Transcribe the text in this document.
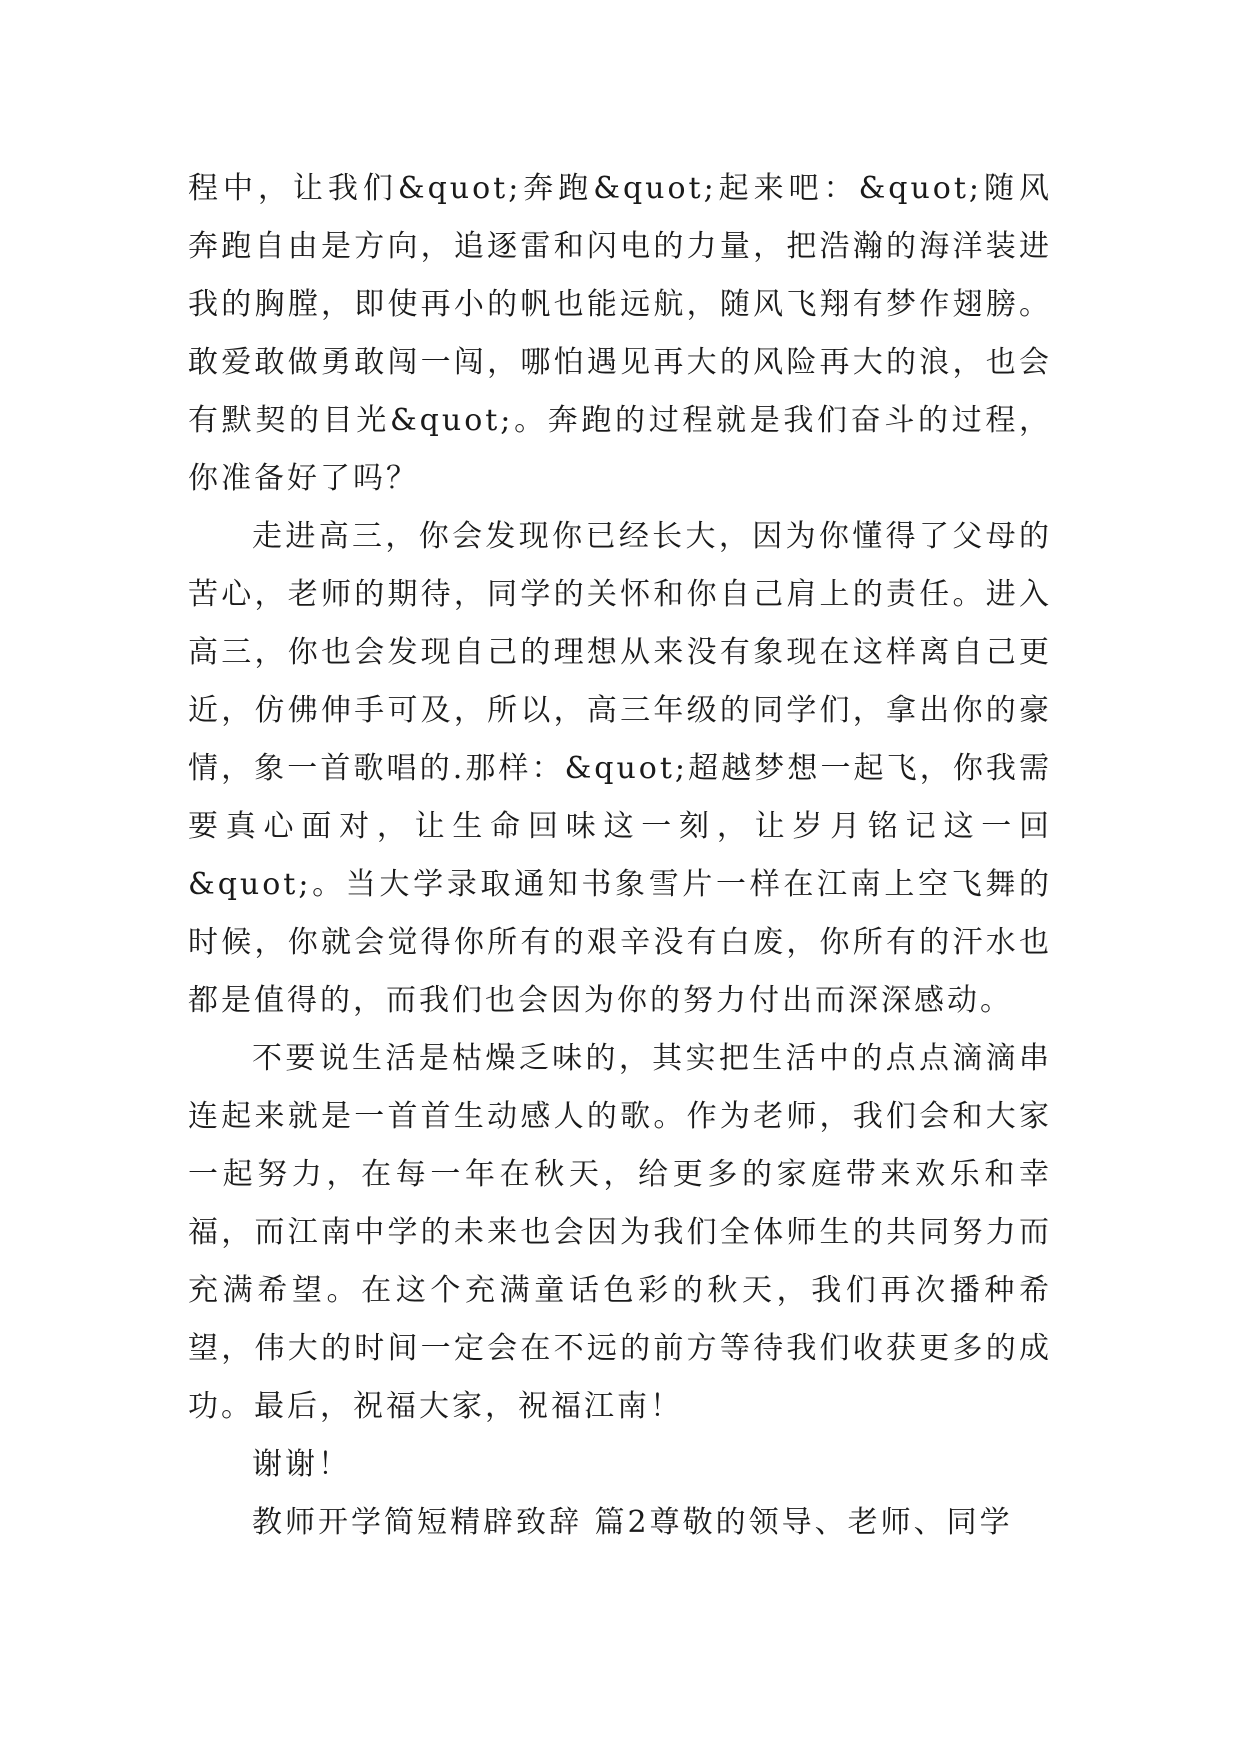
程中，让我们&quot;奔跑&quot;起来吧：&quot;随风奔跑自由是方向，追逐雷和闪电的力量，把浩瀚的海洋装进我的胸膛，即使再小的帆也能远航，随风飞翔有梦作翅膀。敢爱敢做勇敢闯一闯，哪怕遇见再大的风险再大的浪，也会有默契的目光&quot;。奔跑的过程就是我们奋斗的过程，你准备好了吗？

走进高三，你会发现你已经长大，因为你懂得了父母的苦心，老师的期待，同学的关怀和你自己肩上的责任。进入高三，你也会发现自己的理想从来没有象现在这样离自己更近，仿佛伸手可及，所以，高三年级的同学们，拿出你的豪情，象一首歌唱的.那样：&quot;超越梦想一起飞，你我需要真心面对，让生命回味这一刻，让岁月铭记这一回&quot;。当大学录取通知书象雪片一样在江南上空飞舞的时候，你就会觉得你所有的艰辛没有白废，你所有的汗水也都是值得的，而我们也会因为你的努力付出而深深感动。

不要说生活是枯燥乏味的，其实把生活中的点点滴滴串连起来就是一首首生动感人的歌。作为老师，我们会和大家一起努力，在每一年在秋天，给更多的家庭带来欢乐和幸福，而江南中学的未来也会因为我们全体师生的共同努力而充满希望。在这个充满童话色彩的秋天，我们再次播种希望，伟大的时间一定会在不远的前方等待我们收获更多的成功。最后，祝福大家，祝福江南！

谢谢！

教师开学简短精辟致辞 篇2尊敬的领导、老师、同学
